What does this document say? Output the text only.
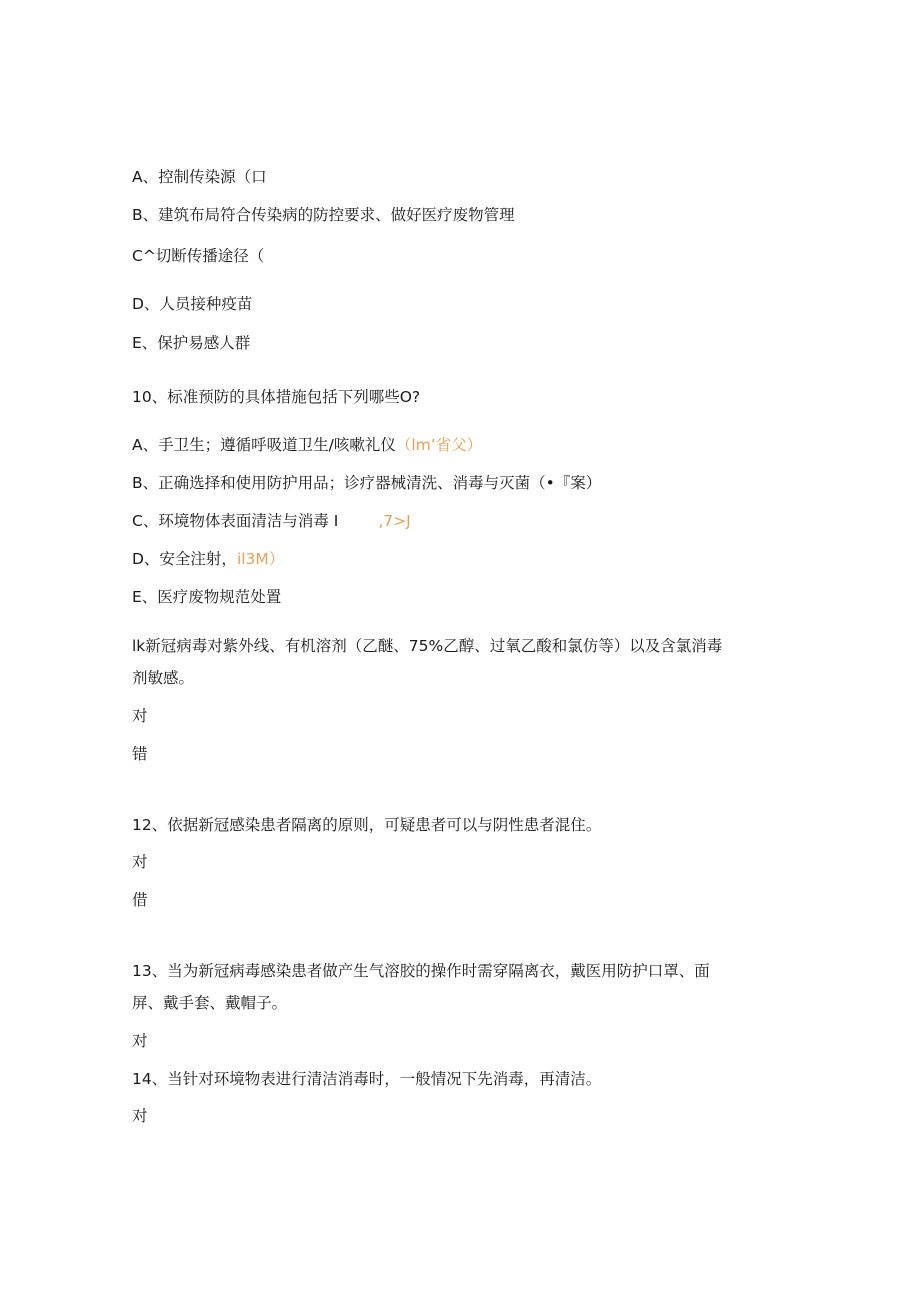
A、控制传染源（口
B、建筑布局符合传染病的防控要求、做好医疗废物管理
C^切断传播途径（
D、人员接种疫苗
E、保护易感人群
10、标准预防的具体措施包括下列哪些O?
A、手卫生；遵循呼吸道卫生/咳嗽礼仪（lm’省父）
B、正确选择和使用防护用品；诊疗器械清洗、消毒与灭菌（•『案）
C、环境物体表面清洁与消毒 I	,7>J
D、安全注射，il3M）
E、医疗废物规范处置
lk新冠病毒对紫外线、有机溶剂（乙醚、75%乙醇、过氧乙酸和氯仿等）以及含氯消毒
剂敏感。
对
错
12、依据新冠感染患者隔离的原则，可疑患者可以与阴性患者混住。
对
借
13、当为新冠病毒感染患者做产生气溶胶的操作时需穿隔离衣，戴医用防护口罩、面
屏、戴手套、戴帽子。
对
14、当针对环境物表进行清洁消毒时，一般情况下先消毒，再清洁。
对
